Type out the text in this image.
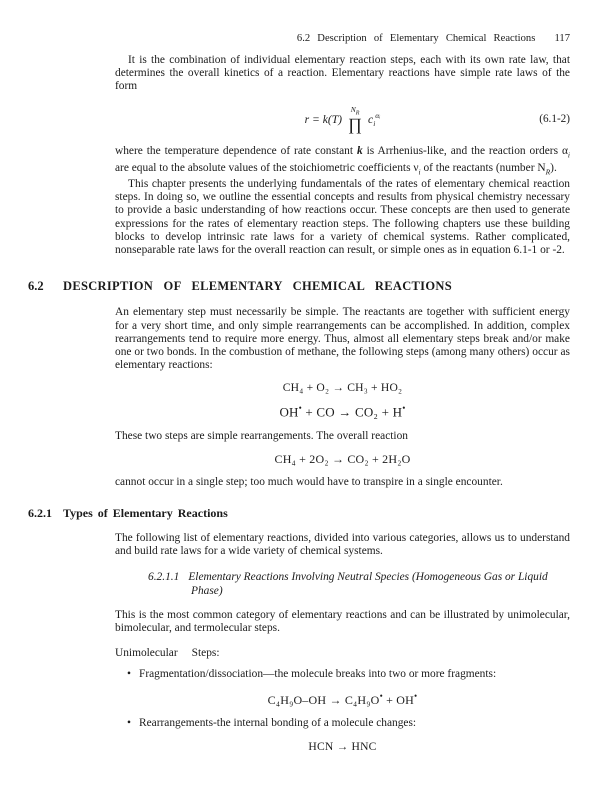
6.2 Description of Elementary Chemical Reactions 117

It is the combination of individual elementary reaction steps, each with its own rate law, that determines the overall kinetics of a reaction. Elementary reactions have simple rate laws of the form

r = k(T)
$N_R$
∏ $c_i^{\alpha ᵢ}$	(6.1-2)

where the temperature dependence of rate constant k is Arrhenius-like, and the reaction orders $\alpha_i$ are equal to the absolute values of the stoichiometric coefficients $\nu_i$ of the reactants (number $N_R$).

This chapter presents the underlying fundamentals of the rates of elementary chemical reaction steps. In doing so, we outline the essential concepts and results from physical chemistry necessary to provide a basic understanding of how reactions occur. These concepts are then used to generate expressions for the rates of elementary reaction steps. The following chapters use these building blocks to develop intrinsic rate laws for a variety of chemical systems. Rather complicated, nonseparable rate laws for the overall reaction can result, or simple ones as in equation 6.1-1 or -2.

6.2	DESCRIPTION OF ELEMENTARY CHEMICAL REACTIONS

An elementary step must necessarily be simple. The reactants are together with sufficient energy for a very short time, and only simple rearrangements can be accomplished. In addition, complex rearrangements tend to require more energy. Thus, almost all elementary steps break and/or make one or two bonds. In the combustion of methane, the following steps (among many others) occur as elementary reactions:

CH₄ + O₂ → CH₃ + HO₂
OH• + CO → CO₂ + H•

These two steps are simple rearrangements. The overall reaction

CH₄ + 2O₂ → CO₂ + 2H₂O

cannot occur in a single step; too much would have to transpire in a single encounter.

6.2.1 Types of Elementary Reactions

The following list of elementary reactions, divided into various categories, allows us to understand and build rate laws for a wide variety of chemical systems.

6.2.1.1 Elementary Reactions Involving Neutral Species (Homogeneous Gas or Liquid Phase)

This is the most common category of elementary reactions and can be illustrated by unimolecular, bimolecular, and termolecular steps.

Unimolecular Steps:
• Fragmentation/dissociation—the molecule breaks into two or more fragments:
C₄H₉O–OH → C₄H₉O• + OH•
• Rearrangements-the internal bonding of a molecule changes:
HCN → HNC
